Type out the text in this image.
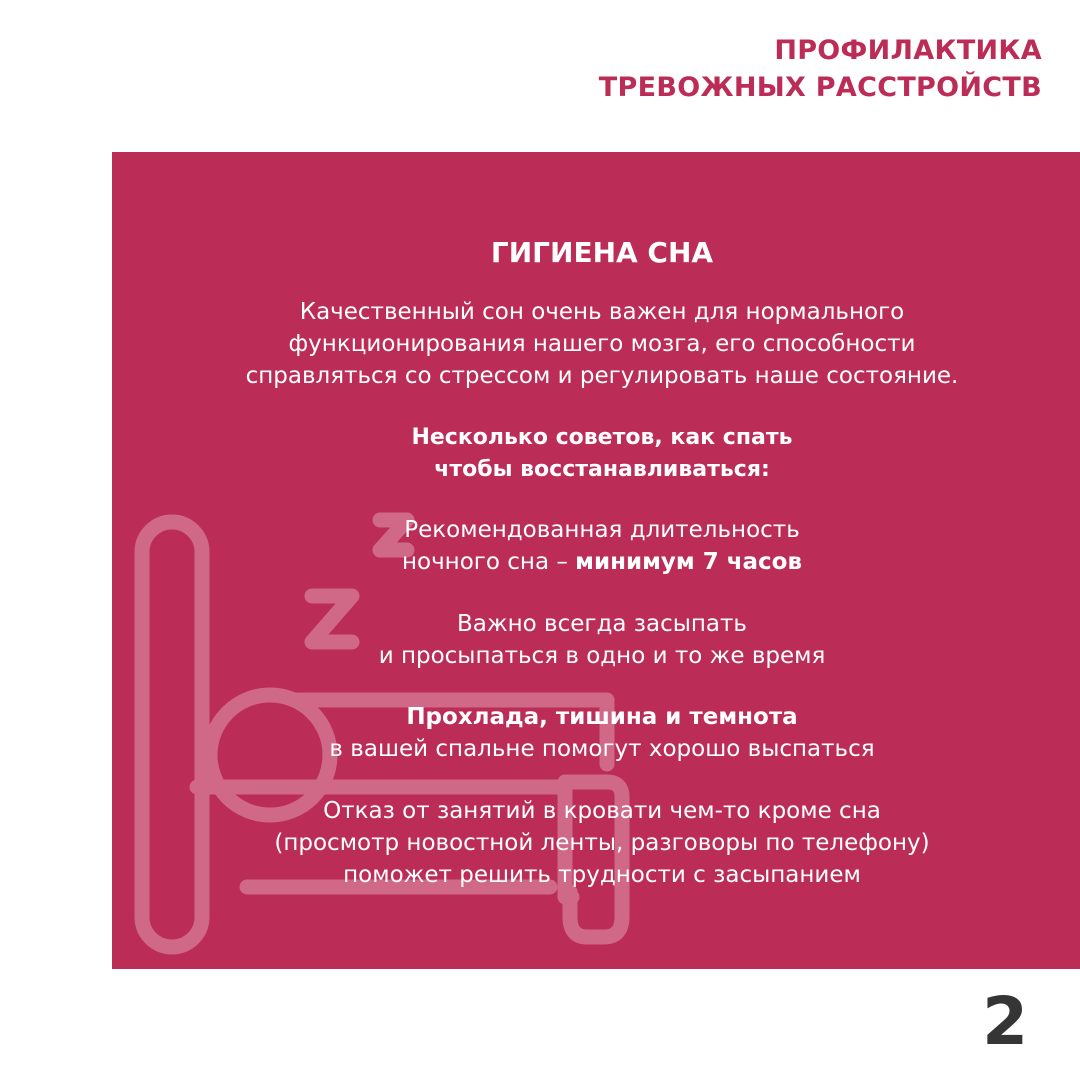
ПРОФИЛАКТИКА
ТРЕВОЖНЫХ РАССТРОЙСТВ
ГИГИЕНА СНА
Качественный сон очень важен для нормального
функционирования нашего мозга, его способности
справляться со стрессом и регулировать наше состояние.
Несколько советов, как спать
чтобы восстанавливаться:
Рекомендованная длительность
ночного сна – минимум 7 часов
Важно всегда засыпать
и просыпаться в одно и то же время
Прохлада, тишина и темнота
в вашей спальне помогут хорошо выспаться
Отказ от занятий в кровати чем-то кроме сна
(просмотр новостной ленты, разговоры по телефону)
поможет решить трудности с засыпанием
2
